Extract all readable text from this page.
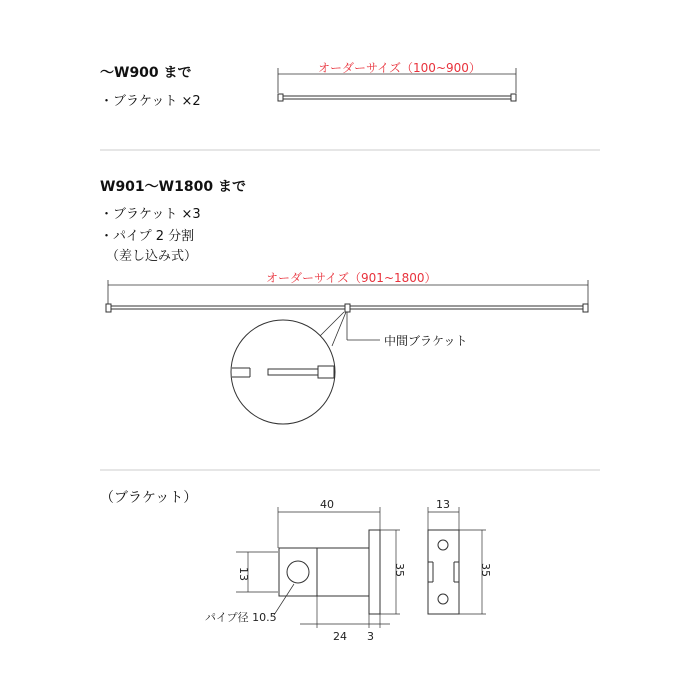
〜W900 まで
・ブラケット ×2
W901〜W1800 まで
・ブラケット ×3
・パイプ 2 分割
（差し込み式）
（ブラケット）
オーダーサイズ（100~900）
オーダーサイズ（901~1800）
中間ブラケット
40
13	35
24 3
パイプ径 10.5
13
35
